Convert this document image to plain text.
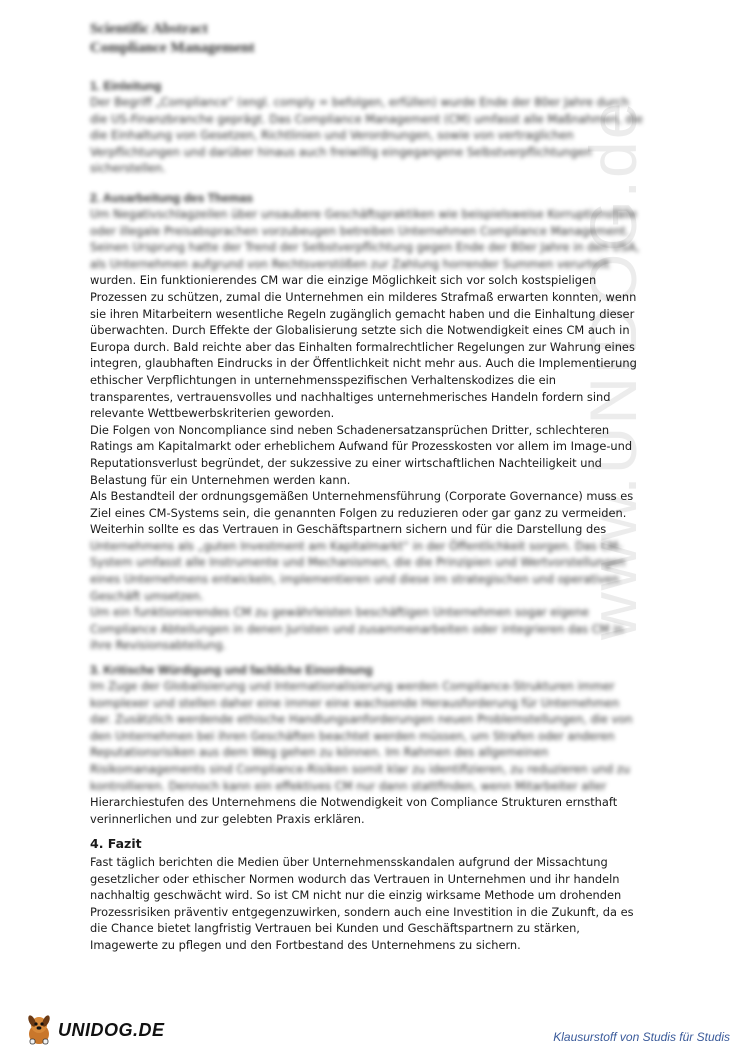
www.UNIDOG.de
Scientific Abstract
Compliance Management
1. Einleitung
Der Begriff „Compliance“ (engl. comply = befolgen, erfüllen) wurde Ende der 80er Jahre durch
die US-Finanzbranche geprägt. Das Compliance Management (CM) umfasst alle Maßnahmen, die
die Einhaltung von Gesetzen, Richtlinien und Verordnungen, sowie von vertraglichen
Verpflichtungen und darüber hinaus auch freiwillig eingegangene Selbstverpflichtungen
sicherstellen.
2. Ausarbeitung des Themas
Um Negativschlagzeilen über unsaubere Geschäftspraktiken wie beispielsweise Korruptionsfälle
oder illegale Preisabsprachen vorzubeugen betreiben Unternehmen Compliance Management.
Seinen Ursprung hatte der Trend der Selbstverpflichtung gegen Ende der 80er Jahre in den USA,
als Unternehmen aufgrund von Rechtsverstößen zur Zahlung horrender Summen verurteilt
wurden. Ein funktionierendes CM war die einzige Möglichkeit sich vor solch kostspieligen
Prozessen zu schützen, zumal die Unternehmen ein milderes Strafmaß erwarten konnten, wenn
sie ihren Mitarbeitern wesentliche Regeln zugänglich gemacht haben und die Einhaltung dieser
überwachten. Durch Effekte der Globalisierung setzte sich die Notwendigkeit eines CM auch in
Europa durch. Bald reichte aber das Einhalten formalrechtlicher Regelungen zur Wahrung eines
integren, glaubhaften Eindrucks in der Öffentlichkeit nicht mehr aus. Auch die Implementierung
ethischer Verpflichtungen in unternehmensspezifischen Verhaltenskodizes die ein
transparentes, vertrauensvolles und nachhaltiges unternehmerisches Handeln fordern sind
relevante Wettbewerbskriterien geworden.
Die Folgen von Noncompliance sind neben Schadenersatzansprüchen Dritter, schlechteren
Ratings am Kapitalmarkt oder erheblichem Aufwand für Prozesskosten vor allem im Image-und
Reputationsverlust begründet, der sukzessive zu einer wirtschaftlichen Nachteiligkeit und
Belastung für ein Unternehmen werden kann.
Als Bestandteil der ordnungsgemäßen Unternehmensführung (Corporate Governance) muss es
Ziel eines CM-Systems sein, die genannten Folgen zu reduzieren oder gar ganz zu vermeiden.
Weiterhin sollte es das Vertrauen in Geschäftspartnern sichern und für die Darstellung des
Unternehmens als „guten Investment am Kapitalmarkt“ in der Öffentlichkeit sorgen. Das CM-
System umfasst alle Instrumente und Mechanismen, die die Prinzipien und Wertvorstellungen
eines Unternehmens entwickeln, implementieren und diese im strategischen und operativen
Geschäft umsetzen.
Um ein funktionierendes CM zu gewährleisten beschäftigen Unternehmen sogar eigene
Compliance Abteilungen in denen Juristen und zusammenarbeiten oder integrieren das CM in
ihre Revisionsabteilung.
3. Kritische Würdigung und fachliche Einordnung
Im Zuge der Globalisierung und Internationalisierung werden Compliance-Strukturen immer
komplexer und stellen daher eine immer eine wachsende Herausforderung für Unternehmen
dar. Zusätzlich werdende ethische Handlungsanforderungen neuen Problemstellungen, die von
den Unternehmen bei ihren Geschäften beachtet werden müssen, um Strafen oder anderen
Reputationsrisiken aus dem Weg gehen zu können. Im Rahmen des allgemeinen
Risikomanagements sind Compliance-Risiken somit klar zu identifizieren, zu reduzieren und zu
kontrollieren. Dennoch kann ein effektives CM nur dann stattfinden, wenn Mitarbeiter aller
Hierarchiestufen des Unternehmens die Notwendigkeit von Compliance Strukturen ernsthaft
verinnerlichen und zur gelebten Praxis erklären.
4. Fazit
Fast täglich berichten die Medien über Unternehmensskandalen aufgrund der Missachtung
gesetzlicher oder ethischer Normen wodurch das Vertrauen in Unternehmen und ihr handeln
nachhaltig geschwächt wird. So ist CM nicht nur die einzig wirksame Methode um drohenden
Prozessrisiken präventiv entgegenzuwirken, sondern auch eine Investition in die Zukunft, da es
die Chance bietet langfristig Vertrauen bei Kunden und Geschäftspartnern zu stärken,
Imagewerte zu pflegen und den Fortbestand des Unternehmens zu sichern.
UNIDOG.DE	Klausurstoff von Studis für Studis
